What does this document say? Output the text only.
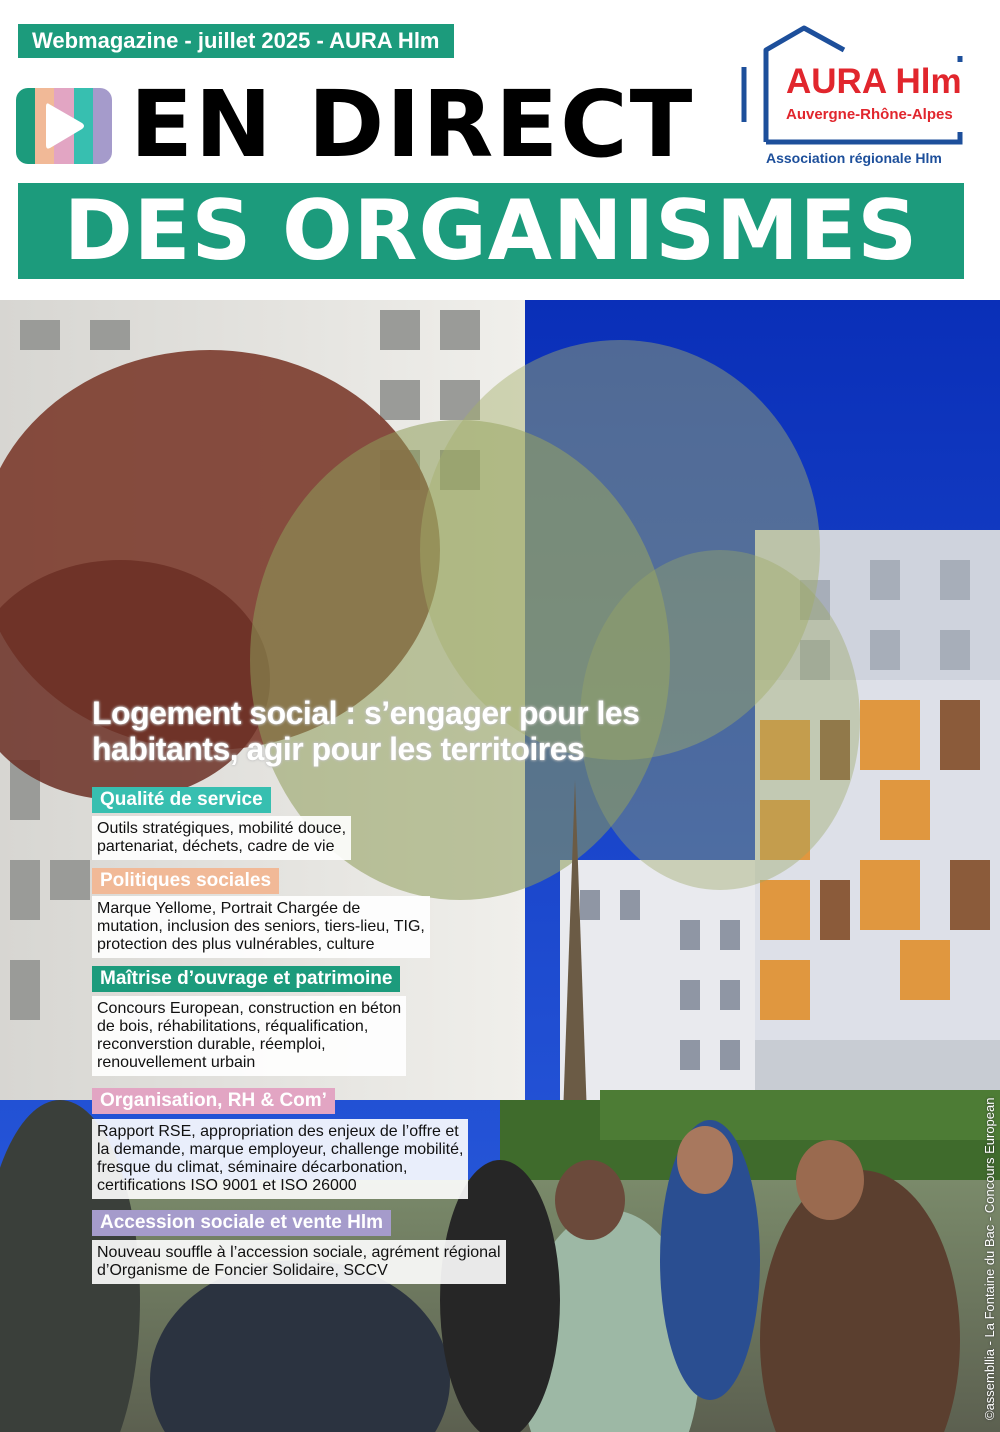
Webmagazine - juillet 2025 - AURA Hlm
EN DIRECT
DES ORGANISMES
AURA Hlm
Auvergne-Rhône-Alpes
Association régionale Hlm
Logement social : s’engager pour les
habitants, agir pour les territoires
Qualité de service
Outils stratégiques, mobilité douce,
partenariat, déchets, cadre de vie
Politiques sociales
Marque Yellome, Portrait Chargée de
mutation, inclusion des seniors, tiers-lieu, TIG,
protection des plus vulnérables, culture
Maîtrise d’ouvrage et patrimoine
Concours European, construction en béton
de bois, réhabilitations, réqualification,
reconverstion durable, réemploi,
renouvellement urbain
Organisation, RH & Com’
Rapport RSE, appropriation des enjeux de l’offre et
la demande, marque employeur, challenge mobilité,
fresque du climat, séminaire décarbonation,
certifications ISO 9001 et ISO 26000
Accession sociale et vente Hlm
Nouveau souffle à l’accession sociale, agrément régional
d’Organisme de Foncier Solidaire, SCCV	©assembllia - La Fontaine du Bac - Concours European
